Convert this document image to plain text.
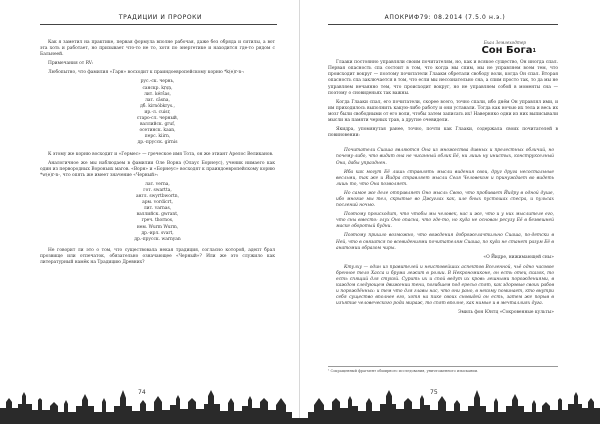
ТРАДИЦИИ И ПРОРОКИ

Как я заметил на практике, первая формула вполне рабочая, даже без обряда и ситилы, а вот эта хоть и работает, но призывает что-то не то, хотя по энергетике и находится где-то рядом с Бальнеей.

Примечания от RV:

Любопытно, что фамилия «Гарн» восходит к праиндоевропейскому корню *k(e)r-n-:

рус.-ск. чернь,
санскр. kṛṣṇ,
лит. kéršas,
лат. cāsna,
дб. kirnóbkrys.,
ир.-л. cuisr,
старо-сл. черный,
валлийск. gruf,
осетинск. kaan,
перс. kiirn,
др.-прусск. girnis

К этому же корню восходит и «Гермес» — греческое имя Тота, он же этиант Арелос Великанов.

Аналогичное же мы наблюдаем в фамилии Оле Ворна (Олаус Борнеус), ученик нимаего как один из первородных Вороньих магов. «Ворн» и «Борнеус» восходят к праиндоевропейскому корню *w(e)r-n-, что опять же имеет значение «Черный»:

лат. verna,
гот. swartta,
англ. swyrtbwortn,
арм. vordicrt,
лит. varnas,
валлийск. gwrant,
греч. thornos,
нем. Wurm Wurm,
др.-ирл. svart,
др.-прусск. warnyan

Не говорит ли это о том, что существовала некая традиция, согласно которой, адепт брал прозвище или отпечаток, обязательно означающее «Черный»? Или же это служило как литературный намёк на Традицию Древних?

74
АПОКРИФ79: 08.2014 (7.5.0 н.э.)
Бхал Землеходтер
Сон Бога$^1$

Глааки постоянно управляли своим почитателям, но, как и всякое существо, Он иногда спал. Первая опасность спа состоит в том, что когда мы спим, мы не управляем всем тем, что происходит вокруг — поэтому почитатели Глаакм обретали свободу воли, когда Он спал. Вторая опасность спа заключается в том, что если мы несознательно сна, а спим просто так, то да мы не управляем нечаянно тем, что происходит вокруг, но не управляем собой в моменты сна — поэтому о сновиденьях так важны.

Когда Глааки спал, его почитатели, скорее всего, точно спали, ибо днём Он управлял ими, и им приходилось выполнить какую-либо работу и они уставали. Тогда как ночью их тела и весь их мозг были свободными от его воли, чтобы затем записать их! Наверняко одни из них выписывали мысли на памяти черных трав, а другие очевидели.

Якидра, упомянутая ранее, точно, почти как Глааки, содержала своих почитателей в повиновении:

Почитатели Сиаша являются Она из множества дивных и прелестных обличий, но почему-либо, что видит она не чисанный облик Её, ни лишь ну инистых, конструкселный Она, дабы упразднен.

Иба как могут Её лишь стравлять мысли видения свои, друг друга несостальные весльми, так же и Йидра стравляет мысли Сеая Человеком и принуждает во видеть лишь то, что Она позволяет.

Но самое же деле отправляет Оно мысль Свою, что пробивает Йидру в одной душе, ибо многие мы тел, скрытые во Джуглах как, иле бных пустошах спесра, и пульсах послений ночью.

Поэтому происходит, что чтобы мы человек, нас и же, что и у них мыслителе его, что сны вместо: глух Оно опасна, что где-то, но куда не основан ресузу Её в безвешней маске оборотый будни.

Поэтому пришло возможно, что вождения доброжелачтильно Сиаша, по-детски в Ней, что в связатся по всевидениями почитателям Сиаша, по куда не станет разум Её в анатомии образом чиры.

«О Йидре, нижимающей сны»

Ктулху — один из правителей и неистовейших аспектов Вселенной, чьё одно часовое бренное тело Хасса и брума лежит в ролии. В Некрономиконе, он есть отец сказок, то есть спящий для стукой. Сурить их и спой ведут их кровь лешными порождениями, в каждом следующем движении тени, погибшем под ересьо спят, как здоровые своих рабов и порождённых: и тем что для главы нас, что они рано, в некому поминает, кто внутри себя существо вполнее его, хотя на пике своих сновидей он есть, затем же порыв в изъятие человеческого рода мираж, то спят вполне, как нимые и в мечталлиях дуга.

Эмиль фон Юнтц «Сокровенные культы»
¹ Сокращенный фрагмент обширного исследования, уничтоженного изыскании.
75
